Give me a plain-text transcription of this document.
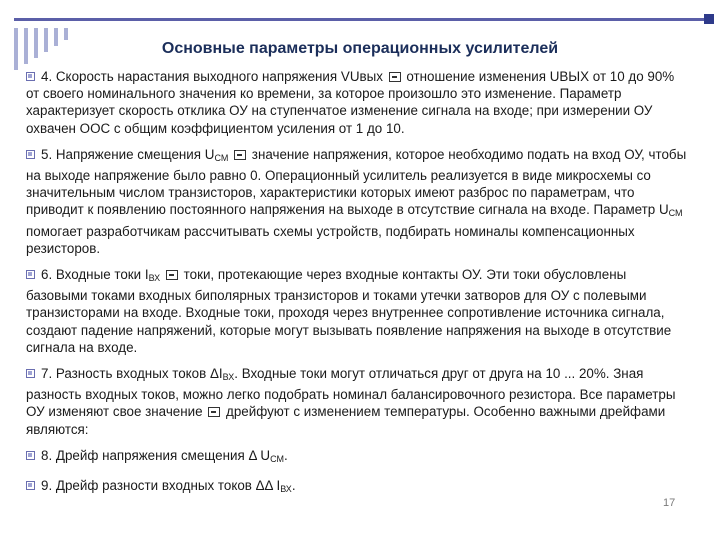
Основные параметры операционных усилителей

4. Скорость нарастания выходного напряжения VUвых  отношение изменения UВЫХ от 10 до 90% от своего номинального значения ко времени, за которое произошло это изменение. Параметр характеризует скорость отклика ОУ на ступенчатое изменение сигнала на входе; при измерении ОУ охвачен ООС с общим коэффициентом усиления от 1 до 10.

5. Напряжение смещения $U_{СМ}$  значение напряжения, которое необходимо подать на вход ОУ, чтобы на выходе напряжение было равно 0. Операционный усилитель реализуется в виде микросхемы со значительным числом транзисторов, характеристики которых имеют разброс по параметрам, что приводит к появлению постоянного напряжения на выходе в отсутствие сигнала на входе. Параметр $U_{СМ}$ помогает разработчикам рассчитывать схемы устройств, подбирать номиналы компенсационных резисторов.

6. Входные токи $I_{ВХ}$  токи, протекающие через входные контакты ОУ. Эти токи обусловлены базовыми токами входных биполярных транзисторов и токами утечки затворов для ОУ с полевыми транзисторами на входе. Входные токи, проходя через внутреннее сопротивление источника сигнала, создают падение напряжений, которые могут вызывать появление напряжения на выходе в отсутствие сигнала на входе.

7. Разность входных токов $\Delta I_{ВХ}$. Входные токи могут отличаться друг от друга на 10 ... 20%. Зная разность входных токов, можно легко подобрать номинал балансировочного резистора. Все параметры ОУ изменяют свое значение  дрейфуют с изменением температуры. Особенно важными дрейфами являются:

8. Дрейф напряжения смещения Δ $U_{СМ}$.

9. Дрейф разности входных токов ΔΔ $I_{ВХ}$.

17
